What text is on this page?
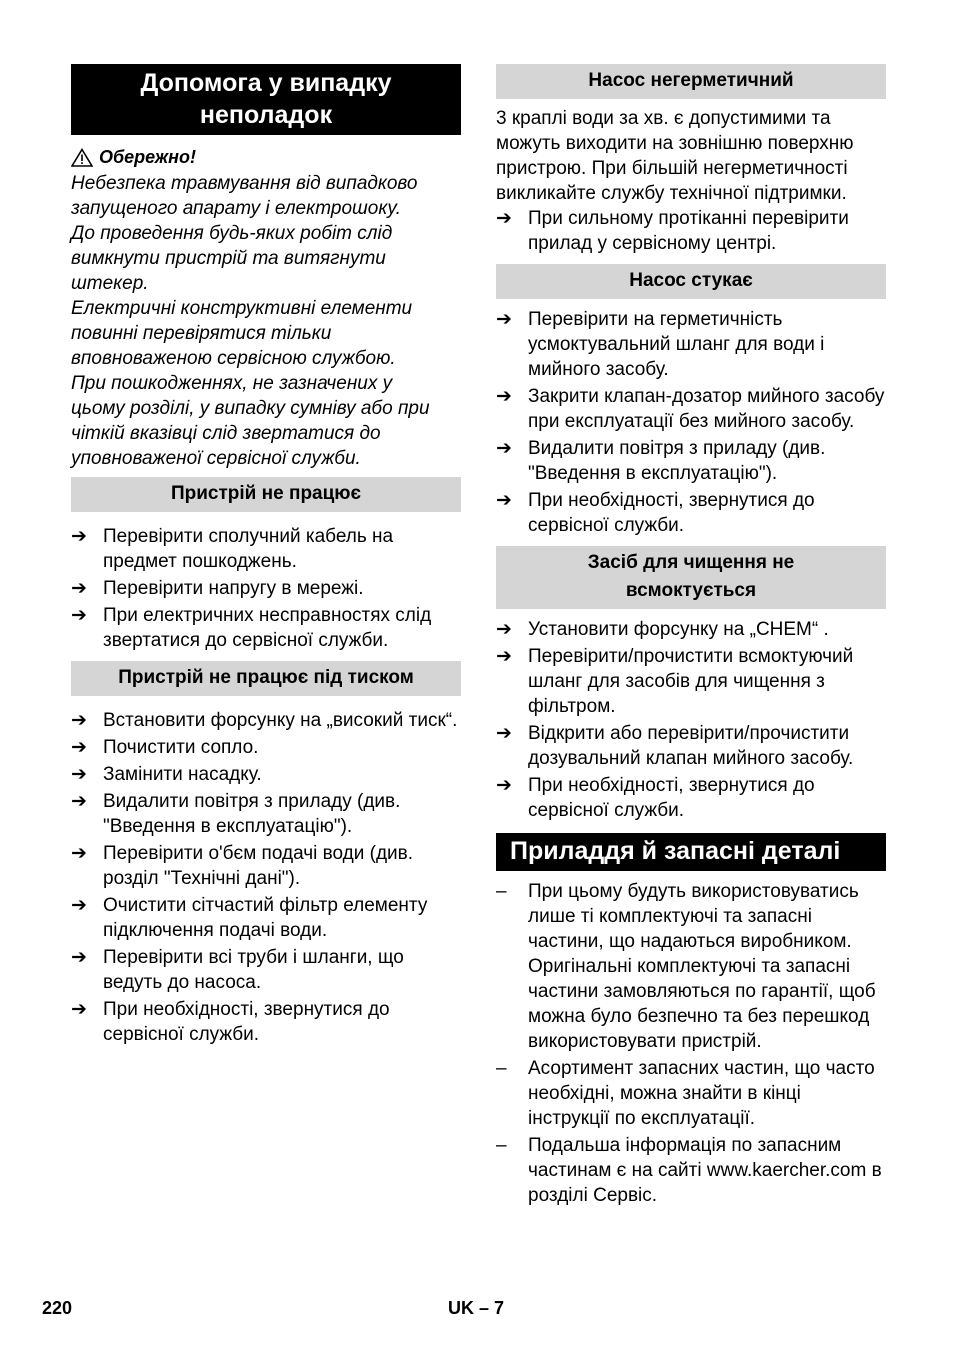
Допомога у випадку неполадок
Обережно!
Небезпека травмування від випадково
запущеного апарату і електрошоку.
До проведення будь-яких робіт слід
вимкнути пристрій та витягнути
штекер.
Електричні конструктивні елементи
повинні перевірятися тільки
вповноваженою сервісною службою.
При пошкодженнях, не зазначених у
цьому розділі, у випадку сумніву або при
чіткій вказівці слід звертатися до
уповноваженої сервісної служби.
Пристрій не працює
➔ Перевірити сполучний кабель на предмет пошкоджень.
➔ Перевірити напругу в мережі.
➔ При електричних несправностях слід звертатися до сервісної служби.
Пристрій не працює під тиском
➔ Встановити форсунку на „високий тиск“.
➔ Почистити сопло.
➔ Замінити насадку.
➔ Видалити повітря з приладу (див. "Введення в експлуатацію").
➔ Перевірити о'бєм подачі води (див. розділ "Технічні дані").
➔ Очистити сітчастий фільтр елементу підключення подачі води.
➔ Перевірити всі труби і шланги, що ведуть до насоса.
➔ При необхідності, звернутися до сервісної служби.
Насос негерметичний
3 краплі води за хв. є допустимими та
можуть виходити на зовнішню поверхню
пристрою. При більшій негерметичності
викликайте службу технічної підтримки.
➔ При сильному протіканні перевірити прилад у сервісному центрі.
Насос стукає
➔ Перевірити на герметичність усмоктувальний шланг для води і мийного засобу.
➔ Закрити клапан-дозатор мийного засобу при експлуатації без мийного засобу.
➔ Видалити повітря з приладу (див. "Введення в експлуатацію").
➔ При необхідності, звернутися до сервісної служби.
Засіб для чищення не всмоктується
➔ Установити форсунку на „CHEM“ .
➔ Перевірити/прочистити всмоктуючий шланг для засобів для чищення з фільтром.
➔ Відкрити або перевірити/прочистити дозувальний клапан мийного засобу.
➔ При необхідності, звернутися до сервісної служби.
Приладдя й запасні деталі
–	При цьому будуть використовуватись лише ті комплектуючі та запасні частини, що надаються виробником. Оригінальні комплектуючі та запасні частини замовляються по гарантії, щоб можна було безпечно та без перешкод використовувати пристрій.
–	Асортимент запасних частин, що часто необхідні, можна знайти в кінці інструкції по експлуатації.
–	Подальша інформація по запасним частинам є на сайті www.kaercher.com в розділі Сервіс.
220	UK – 7
